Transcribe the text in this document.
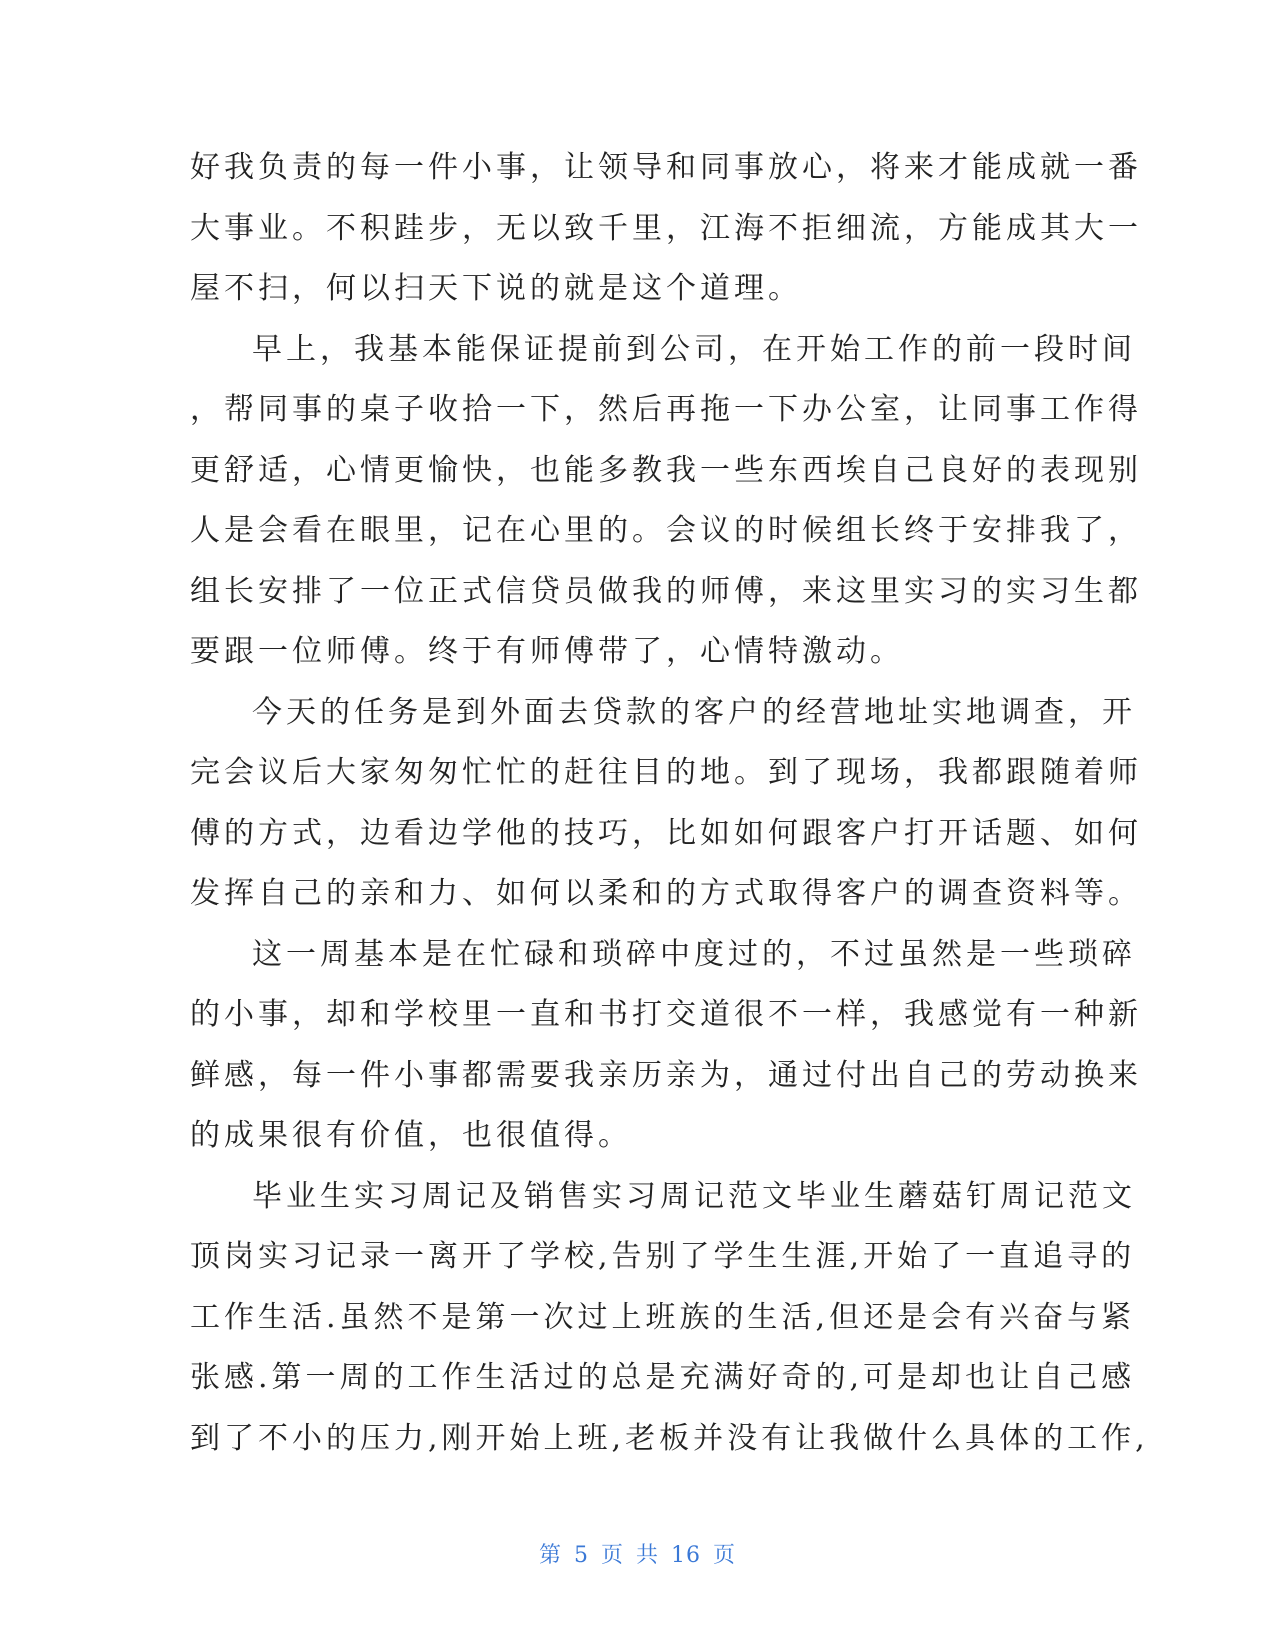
好我负责的每一件小事，让领导和同事放心，将来才能成就一番
大事业。不积跬步，无以致千里，江海不拒细流，方能成其大一
屋不扫，何以扫天下说的就是这个道理。
早上，我基本能保证提前到公司，在开始工作的前一段时间
，帮同事的桌子收拾一下，然后再拖一下办公室，让同事工作得
更舒适，心情更愉快，也能多教我一些东西埃自己良好的表现别
人是会看在眼里，记在心里的。会议的时候组长终于安排我了，
组长安排了一位正式信贷员做我的师傅，来这里实习的实习生都
要跟一位师傅。终于有师傅带了，心情特激动。
今天的任务是到外面去贷款的客户的经营地址实地调查，开
完会议后大家匆匆忙忙的赶往目的地。到了现场，我都跟随着师
傅的方式，边看边学他的技巧，比如如何跟客户打开话题、如何
发挥自己的亲和力、如何以柔和的方式取得客户的调查资料等。
这一周基本是在忙碌和琐碎中度过的，不过虽然是一些琐碎
的小事，却和学校里一直和书打交道很不一样，我感觉有一种新
鲜感，每一件小事都需要我亲历亲为，通过付出自己的劳动换来
的成果很有价值，也很值得。
毕业生实习周记及销售实习周记范文毕业生蘑菇钉周记范文
顶岗实习记录一离开了学校,告别了学生生涯,开始了一直追寻的
工作生活.虽然不是第一次过上班族的生活,但还是会有兴奋与紧
张感.第一周的工作生活过的总是充满好奇的,可是却也让自己感
到了不小的压力,刚开始上班,老板并没有让我做什么具体的工作,
第 5 页 共 16 页
